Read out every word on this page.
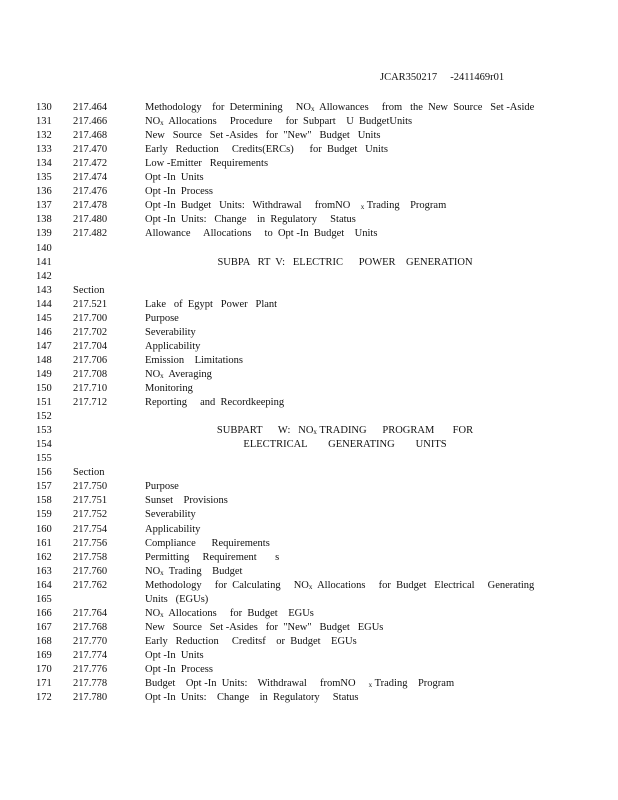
JCAR350217     -2411469r01
130	217.464	Methodology    for  Determining     $NO_x$  Allowances     from   the  New  Source   Set -Aside
131	217.466	$NO_x$  Allocations     Procedure     for  Subpart    U  BudgetUnits
132	217.468	New   Source   Set -Asides   for  "New"   Budget   Units
133	217.470	Early   Reduction     Credits(ERCs)      for  Budget   Units
134	217.472	Low -Emitter   Requirements
135	217.474	Opt -In  Units
136	217.476	Opt -In  Process
137	217.478	Opt -In  Budget   Units:   Withdrawal     fromNO    $_x$ Trading    Program
138	217.480	Opt -In  Units:   Change    in  Regulatory     Status
139	217.482	Allowance     Allocations     to  Opt -In  Budget    Units
140
141	SUBPA   RT  V:   ELECTRIC      POWER    GENERATION
142
143	Section
144	217.521	Lake   of  Egypt   Power   Plant
145	217.700	Purpose
146	217.702	Severability
147	217.704	Applicability
148	217.706	Emission    Limitations
149	217.708	$NO_x$  Averaging
150	217.710	Monitoring
151	217.712	Reporting     and  Recordkeeping
152
153	SUBPART      W:   $NO_x$ TRADING      PROGRAM       FOR
154	ELECTRICAL        GENERATING        UNITS
155
156	Section
157	217.750	Purpose
158	217.751	Sunset    Provisions
159	217.752	Severability
160	217.754	Applicability
161	217.756	Compliance      Requirements
162	217.758	Permitting     Requirement       s
163	217.760	$NO_x$  Trading    Budget
164	217.762	Methodology     for  Calculating     $NO_x$  Allocations     for  Budget   Electrical     Generating
165	Units   (EGUs)
166	217.764	$NO_x$  Allocations     for  Budget    EGUs
167	217.768	New   Source   Set -Asides   for  "New"   Budget   EGUs
168	217.770	Early   Reduction     Creditsf    or  Budget    EGUs
169	217.774	Opt -In  Units
170	217.776	Opt -In  Process
171	217.778	Budget    Opt -In  Units:    Withdrawal     fromNO     $_x$ Trading    Program
172	217.780	Opt -In  Units:    Change    in  Regulatory     Status
